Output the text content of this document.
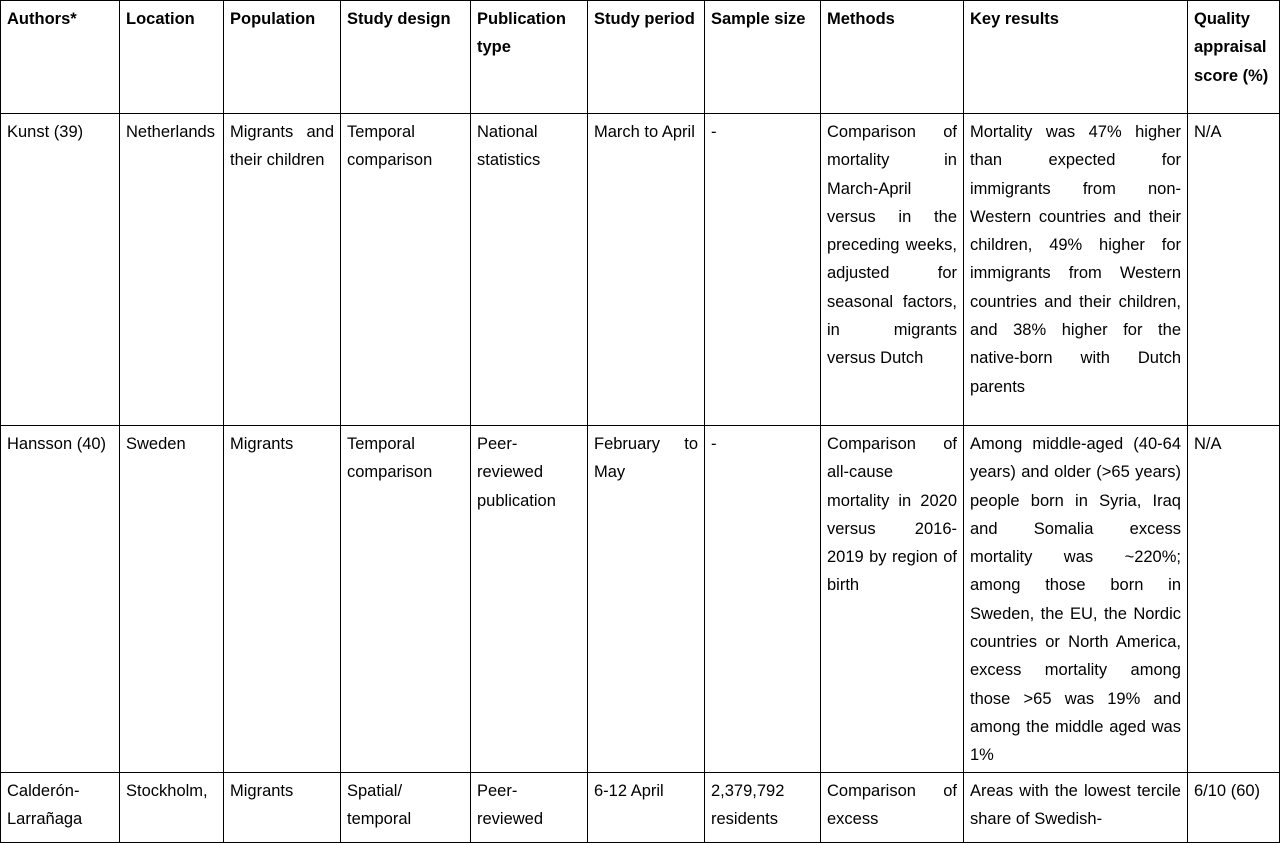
Authors*	Location	Population	Study design	Publication type	Study period	Sample size	Methods	Key results	Quality appraisal score (%)
Kunst (39)	Netherlands	Migrants and their children	Temporal comparison	National statistics	March to April	-	Comparison of mortality in March-April versus in the preceding weeks, adjusted for seasonal factors, in migrants versus Dutch	Mortality was 47% higher than expected for immigrants from non-Western countries and their children, 49% higher for immigrants from Western countries and their children, and 38% higher for the native-born with Dutch parents	N/A
Hansson (40)	Sweden	Migrants	Temporal comparison	Peer-reviewed publication	February to May	-	Comparison of all-cause mortality in 2020 versus 2016-2019 by region of birth	Among middle-aged (40-64 years) and older (>65 years) people born in Syria, Iraq and Somalia excess mortality was ~220%; among those born in Sweden, the EU, the Nordic countries or North America, excess mortality among those >65 was 19% and among the middle aged was 1%	N/A
Calderón-Larrañaga	Stockholm,	Migrants	Spatial/ temporal	Peer-reviewed	6-12 April	2,379,792 residents	Comparison of excess	Areas with the lowest tercile share of Swedish-	6/10 (60)
